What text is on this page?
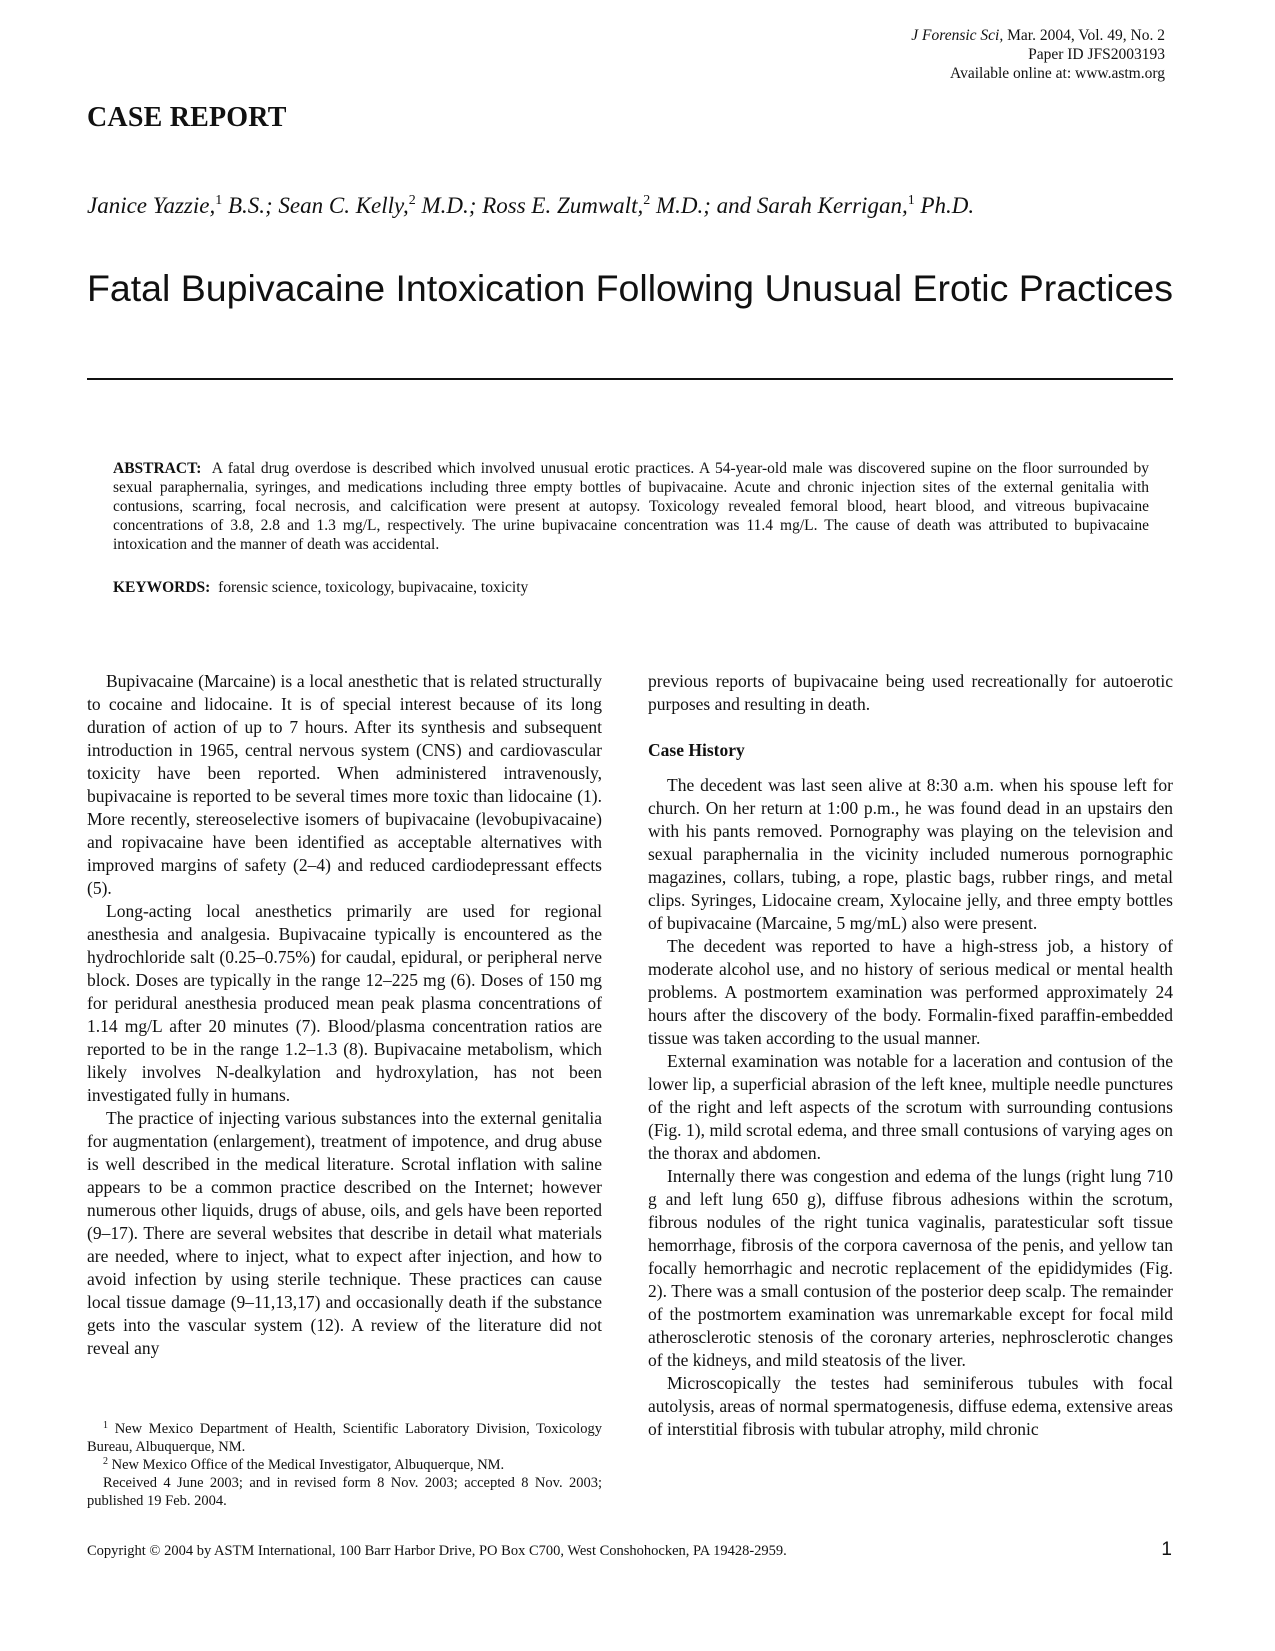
J Forensic Sci, Mar. 2004, Vol. 49, No. 2
Paper ID JFS2003193
Available online at: www.astm.org
CASE REPORT
Janice Yazzie,$^1$ B.S.; Sean C. Kelly,$^2$ M.D.; Ross E. Zumwalt,$^2$ M.D.; and Sarah Kerrigan,$^1$ Ph.D.
Fatal Bupivacaine Intoxication Following Unusual Erotic Practices
ABSTRACT: A fatal drug overdose is described which involved unusual erotic practices. A 54-year-old male was discovered supine on the floor surrounded by sexual paraphernalia, syringes, and medications including three empty bottles of bupivacaine. Acute and chronic injection sites of the external genitalia with contusions, scarring, focal necrosis, and calcification were present at autopsy. Toxicology revealed femoral blood, heart blood, and vitreous bupivacaine concentrations of 3.8, 2.8 and 1.3 mg/L, respectively. The urine bupivacaine concentration was 11.4 mg/L. The cause of death was attributed to bupivacaine intoxication and the manner of death was accidental.
KEYWORDS: forensic science, toxicology, bupivacaine, toxicity

Bupivacaine (Marcaine) is a local anesthetic that is related structurally to cocaine and lidocaine. It is of special interest because of its long duration of action of up to 7 hours. After its synthesis and subsequent introduction in 1965, central nervous system (CNS) and cardiovascular toxicity have been reported. When administered intravenously, bupivacaine is reported to be several times more toxic than lidocaine (1). More recently, stereoselective isomers of bupivacaine (levobupivacaine) and ropivacaine have been identified as acceptable alternatives with improved margins of safety (2–4) and reduced cardiodepressant effects (5).

Long-acting local anesthetics primarily are used for regional anesthesia and analgesia. Bupivacaine typically is encountered as the hydrochloride salt (0.25–0.75%) for caudal, epidural, or peripheral nerve block. Doses are typically in the range 12–225 mg (6). Doses of 150 mg for peridural anesthesia produced mean peak plasma concentrations of 1.14 mg/L after 20 minutes (7). Blood/plasma concentration ratios are reported to be in the range 1.2–1.3 (8). Bupivacaine metabolism, which likely involves N-dealkylation and hydroxylation, has not been investigated fully in humans.

The practice of injecting various substances into the external genitalia for augmentation (enlargement), treatment of impotence, and drug abuse is well described in the medical literature. Scrotal inflation with saline appears to be a common practice described on the Internet; however numerous other liquids, drugs of abuse, oils, and gels have been reported (9–17). There are several websites that describe in detail what materials are needed, where to inject, what to expect after injection, and how to avoid infection by using sterile technique. These practices can cause local tissue damage (9–11,13,17) and occasionally death if the substance gets into the vascular system (12). A review of the literature did not reveal any

previous reports of bupivacaine being used recreationally for autoerotic purposes and resulting in death.

Case History

The decedent was last seen alive at 8:30 a.m. when his spouse left for church. On her return at 1:00 p.m., he was found dead in an upstairs den with his pants removed. Pornography was playing on the television and sexual paraphernalia in the vicinity included numerous pornographic magazines, collars, tubing, a rope, plastic bags, rubber rings, and metal clips. Syringes, Lidocaine cream, Xylocaine jelly, and three empty bottles of bupivacaine (Marcaine, 5 mg/mL) also were present.

The decedent was reported to have a high-stress job, a history of moderate alcohol use, and no history of serious medical or mental health problems. A postmortem examination was performed approximately 24 hours after the discovery of the body. Formalin-fixed paraffin-embedded tissue was taken according to the usual manner.

External examination was notable for a laceration and contusion of the lower lip, a superficial abrasion of the left knee, multiple needle punctures of the right and left aspects of the scrotum with surrounding contusions (Fig. 1), mild scrotal edema, and three small contusions of varying ages on the thorax and abdomen.

Internally there was congestion and edema of the lungs (right lung 710 g and left lung 650 g), diffuse fibrous adhesions within the scrotum, fibrous nodules of the right tunica vaginalis, paratesticular soft tissue hemorrhage, fibrosis of the corpora cavernosa of the penis, and yellow tan focally hemorrhagic and necrotic replacement of the epididymides (Fig. 2). There was a small contusion of the posterior deep scalp. The remainder of the postmortem examination was unremarkable except for focal mild atherosclerotic stenosis of the coronary arteries, nephrosclerotic changes of the kidneys, and mild steatosis of the liver.

Microscopically the testes had seminiferous tubules with focal autolysis, areas of normal spermatogenesis, diffuse edema, extensive areas of interstitial fibrosis with tubular atrophy, mild chronic

$^1$ New Mexico Department of Health, Scientific Laboratory Division, Toxicology Bureau, Albuquerque, NM.

$^2$ New Mexico Office of the Medical Investigator, Albuquerque, NM.

Received 4 June 2003; and in revised form 8 Nov. 2003; accepted 8 Nov. 2003; published 19 Feb. 2004.

Copyright © 2004 by ASTM International, 100 Barr Harbor Drive, PO Box C700, West Conshohocken, PA 19428-2959.	1
